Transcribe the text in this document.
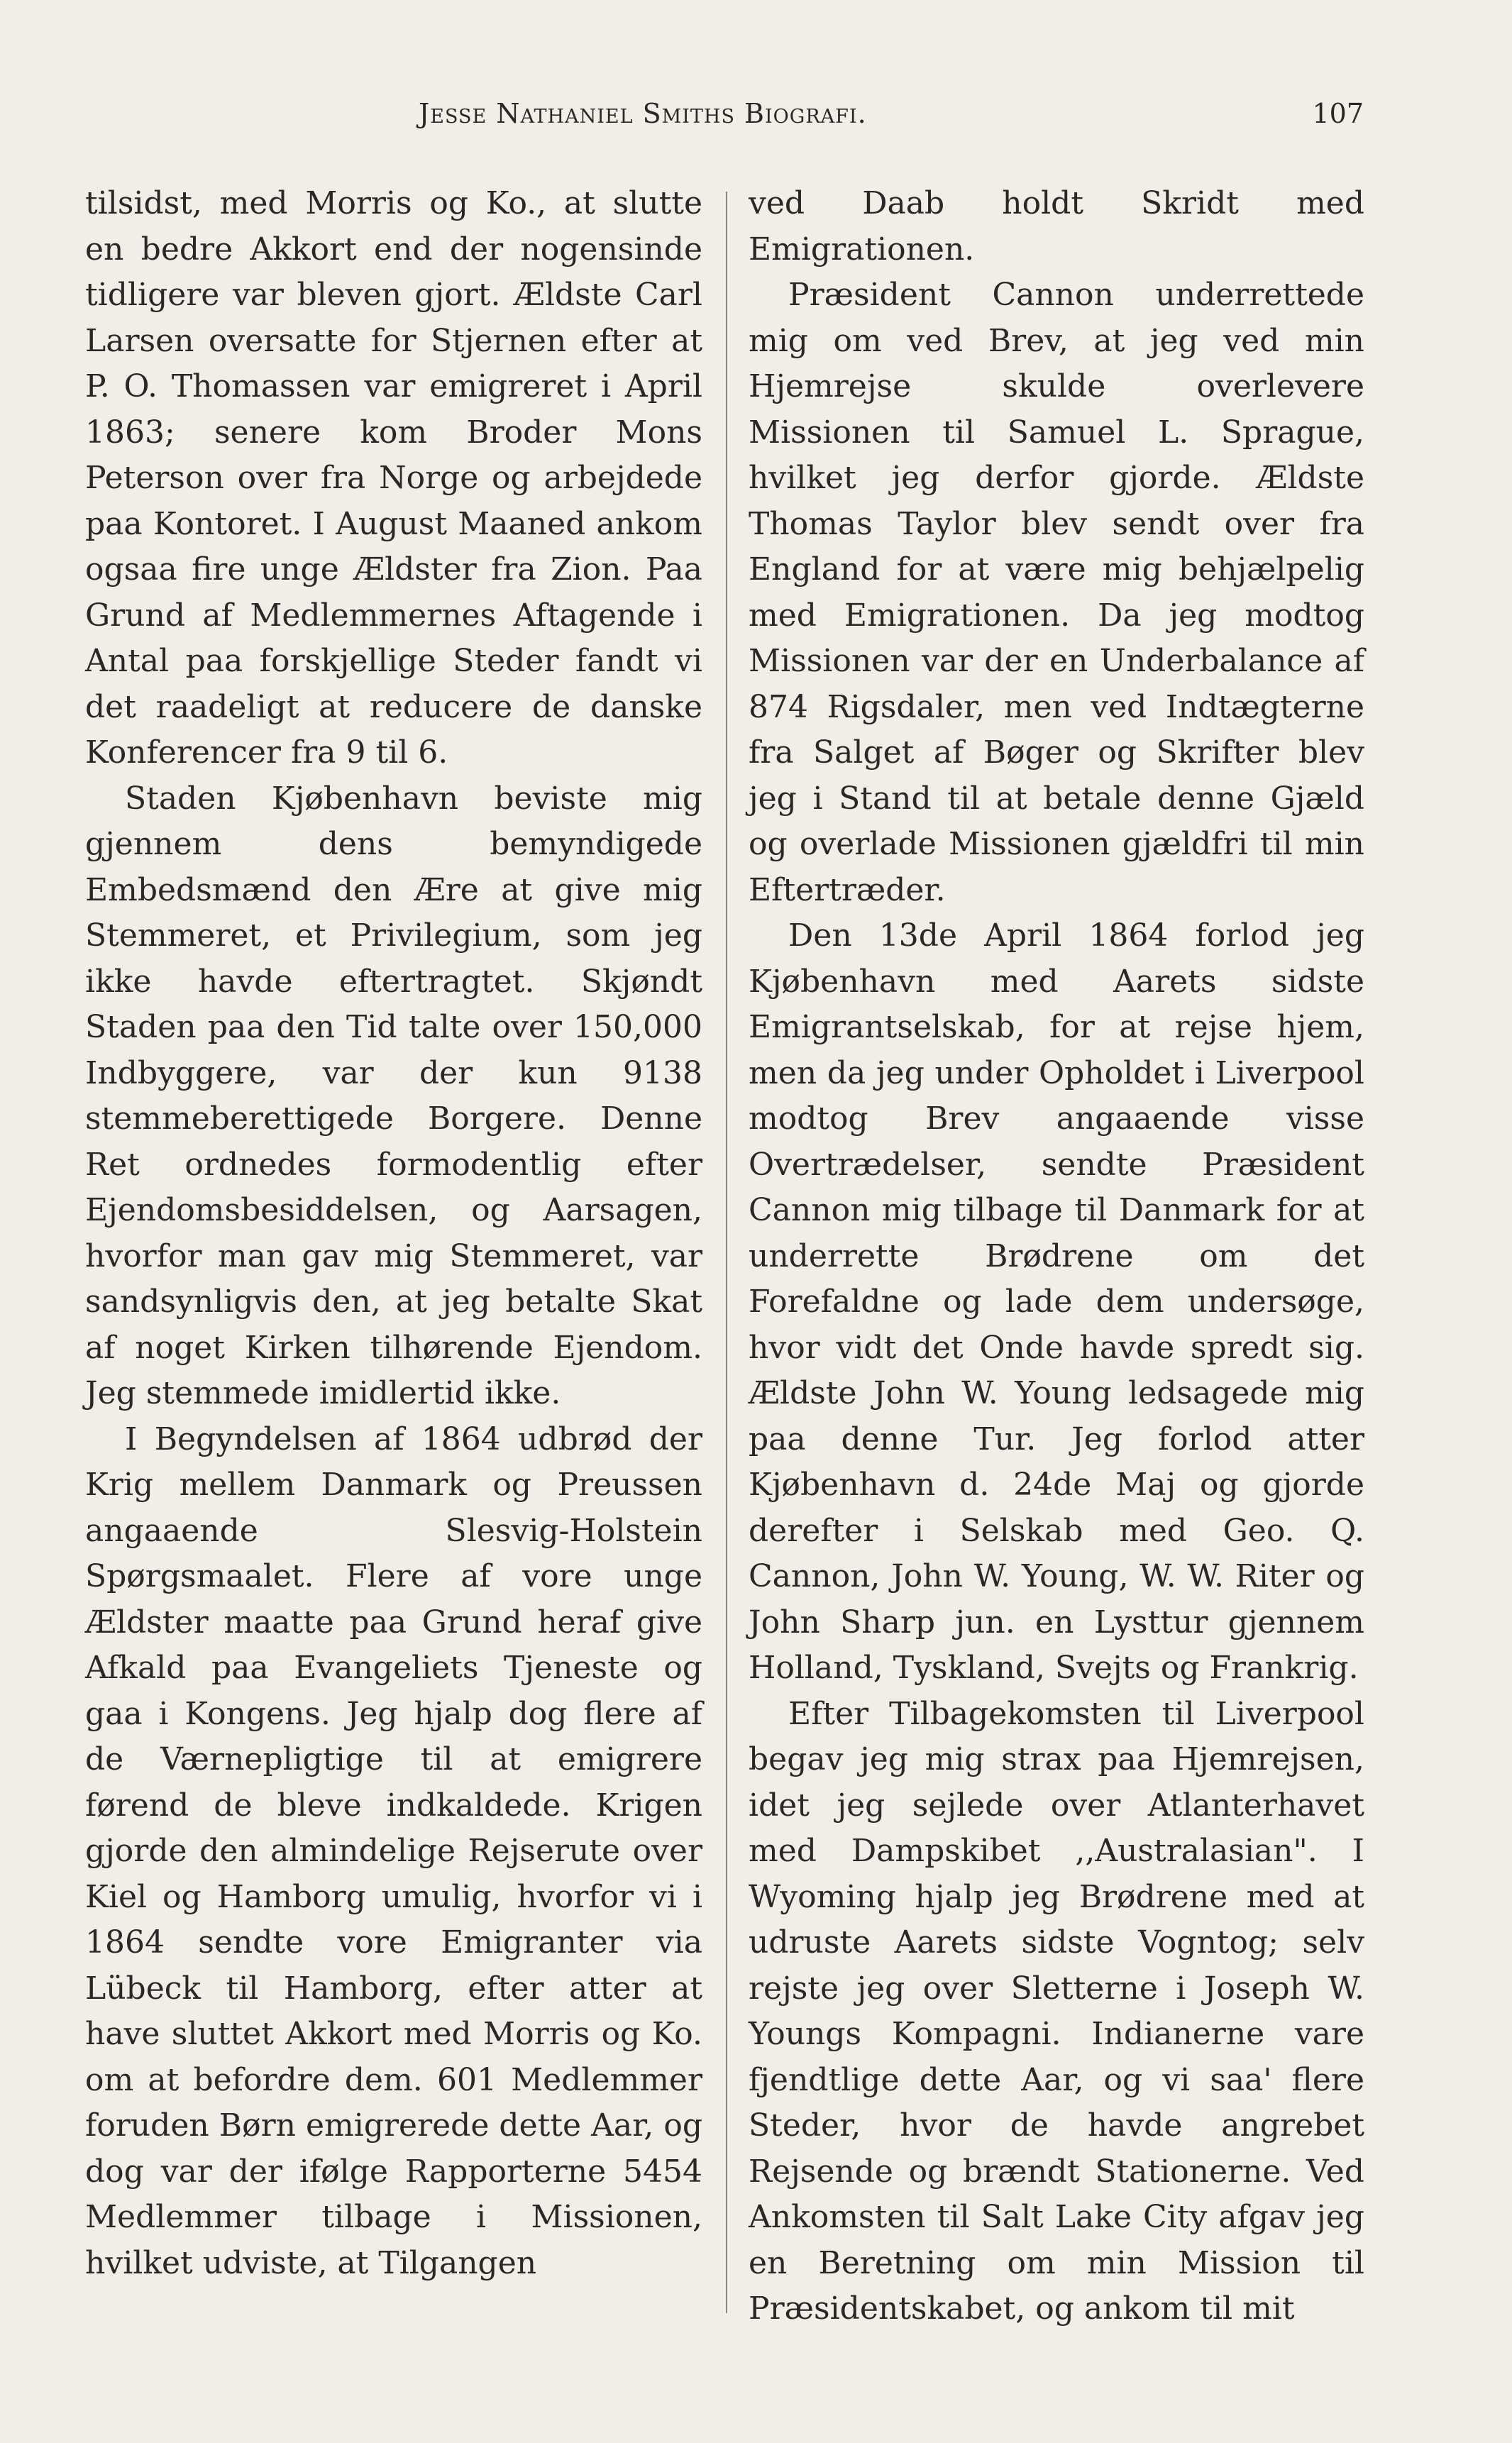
Jesse Nathaniel Smiths Biografi.	107

tilsidst, med Morris og Ko., at slutte en bedre Akkort end der nogensinde tidligere var bleven gjort. Ældste Carl Larsen oversatte for Stjernen efter at P. O. Thomassen var emigreret i April 1863; senere kom Broder Mons Peterson over fra Norge og arbejdede paa Kontoret. I August Maaned ankom ogsaa fire unge Ældster fra Zion. Paa Grund af Medlemmernes Aftagende i Antal paa forskjellige Steder fandt vi det raadeligt at reducere de danske Konferencer fra 9 til 6.

Staden Kjøbenhavn beviste mig gjennem dens bemyndigede Embedsmænd den Ære at give mig Stemmeret, et Privilegium, som jeg ikke havde eftertragtet. Skjøndt Staden paa den Tid talte over 150,000 Indbyggere, var der kun 9138 stemmeberettigede Borgere. Denne Ret ordnedes formodentlig efter Ejendomsbesiddelsen, og Aarsagen, hvorfor man gav mig Stemmeret, var sandsynligvis den, at jeg betalte Skat af noget Kirken tilhørende Ejendom. Jeg stemmede imidlertid ikke.

I Begyndelsen af 1864 udbrød der Krig mellem Danmark og Preussen angaaende Slesvig-Holstein Spørgsmaalet. Flere af vore unge Ældster maatte paa Grund heraf give Afkald paa Evangeliets Tjeneste og gaa i Kongens. Jeg hjalp dog flere af de Værnepligtige til at emigrere førend de bleve indkaldede. Krigen gjorde den almindelige Rejserute over Kiel og Hamborg umulig, hvorfor vi i 1864 sendte vore Emigranter via Lübeck til Hamborg, efter atter at have sluttet Akkort med Morris og Ko. om at befordre dem. 601 Medlemmer foruden Børn emigrerede dette Aar, og dog var der ifølge Rapporterne 5454 Medlemmer tilbage i Missionen, hvilket udviste, at Tilgangen

ved Daab holdt Skridt med Emigrationen.

Præsident Cannon underrettede mig om ved Brev, at jeg ved min Hjemrejse skulde overlevere Missionen til Samuel L. Sprague, hvilket jeg derfor gjorde. Ældste Thomas Taylor blev sendt over fra England for at være mig behjælpelig med Emigrationen. Da jeg modtog Missionen var der en Underbalance af 874 Rigsdaler, men ved Indtægterne fra Salget af Bøger og Skrifter blev jeg i Stand til at betale denne Gjæld og overlade Missionen gjældfri til min Eftertræder.

Den 13de April 1864 forlod jeg Kjøbenhavn med Aarets sidste Emigrantselskab, for at rejse hjem, men da jeg under Opholdet i Liverpool modtog Brev angaaende visse Overtrædelser, sendte Præsident Cannon mig tilbage til Danmark for at underrette Brødrene om det Forefaldne og lade dem undersøge, hvor vidt det Onde havde spredt sig. Ældste John W. Young ledsagede mig paa denne Tur. Jeg forlod atter Kjøbenhavn d. 24de Maj og gjorde derefter i Selskab med Geo. Q. Cannon, John W. Young, W. W. Riter og John Sharp jun. en Lysttur gjennem Holland, Tyskland, Svejts og Frankrig.

Efter Tilbagekomsten til Liverpool begav jeg mig strax paa Hjemrejsen, idet jeg sejlede over Atlanterhavet med Dampskibet ,,Australasian". I Wyoming hjalp jeg Brødrene med at udruste Aarets sidste Vogntog; selv rejste jeg over Sletterne i Joseph W. Youngs Kompagni. Indianerne vare fjendtlige dette Aar, og vi saa' flere Steder, hvor de havde angrebet Rejsende og brændt Stationerne. Ved Ankomsten til Salt Lake City afgav jeg en Beretning om min Mission til Præsidentskabet, og ankom til mit
